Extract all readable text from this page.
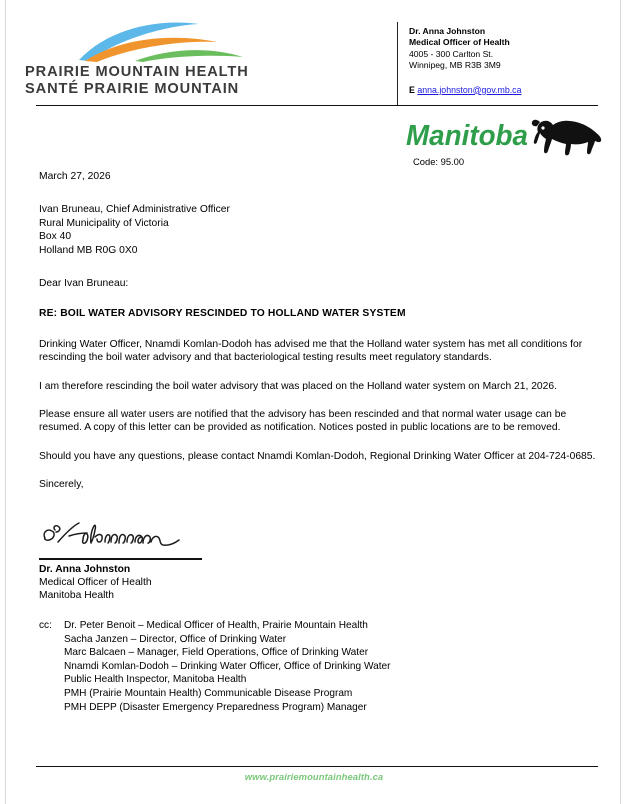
PRAIRIE MOUNTAIN HEALTH
SANTÉ PRAIRIE MOUNTAIN
Dr. Anna Johnston
Medical Officer of Health
4005 - 300 Carlton St.
Winnipeg, MB R3B 3M9
E anna.johnston@gov.mb.ca
Manitoba
Code: 95.00
March 27, 2026
Ivan Bruneau, Chief Administrative Officer
Rural Municipality of Victoria
Box 40
Holland MB R0G 0X0
Dear Ivan Bruneau:
RE: BOIL WATER ADVISORY RESCINDED TO HOLLAND WATER SYSTEM
Drinking Water Officer, Nnamdi Komlan-Dodoh has advised me that the Holland water system has met all conditions for rescinding the boil water advisory and that bacteriological testing results meet regulatory standards.
I am therefore rescinding the boil water advisory that was placed on the Holland water system on March 21, 2026.
Please ensure all water users are notified that the advisory has been rescinded and that normal water usage can be resumed. A copy of this letter can be provided as notification. Notices posted in public locations are to be removed.
Should you have any questions, please contact Nnamdi Komlan-Dodoh, Regional Drinking Water Officer at 204-724-0685.
Sincerely,
Dr. Anna Johnston
Medical Officer of Health
Manitoba Health
cc:	Dr. Peter Benoit – Medical Officer of Health, Prairie Mountain Health
Sacha Janzen – Director, Office of Drinking Water
Marc Balcaen – Manager, Field Operations, Office of Drinking Water
Nnamdi Komlan-Dodoh – Drinking Water Officer, Office of Drinking Water
Public Health Inspector, Manitoba Health
PMH (Prairie Mountain Health) Communicable Disease Program
PMH DEPP (Disaster Emergency Preparedness Program) Manager
www.prairiemountainhealth.ca
